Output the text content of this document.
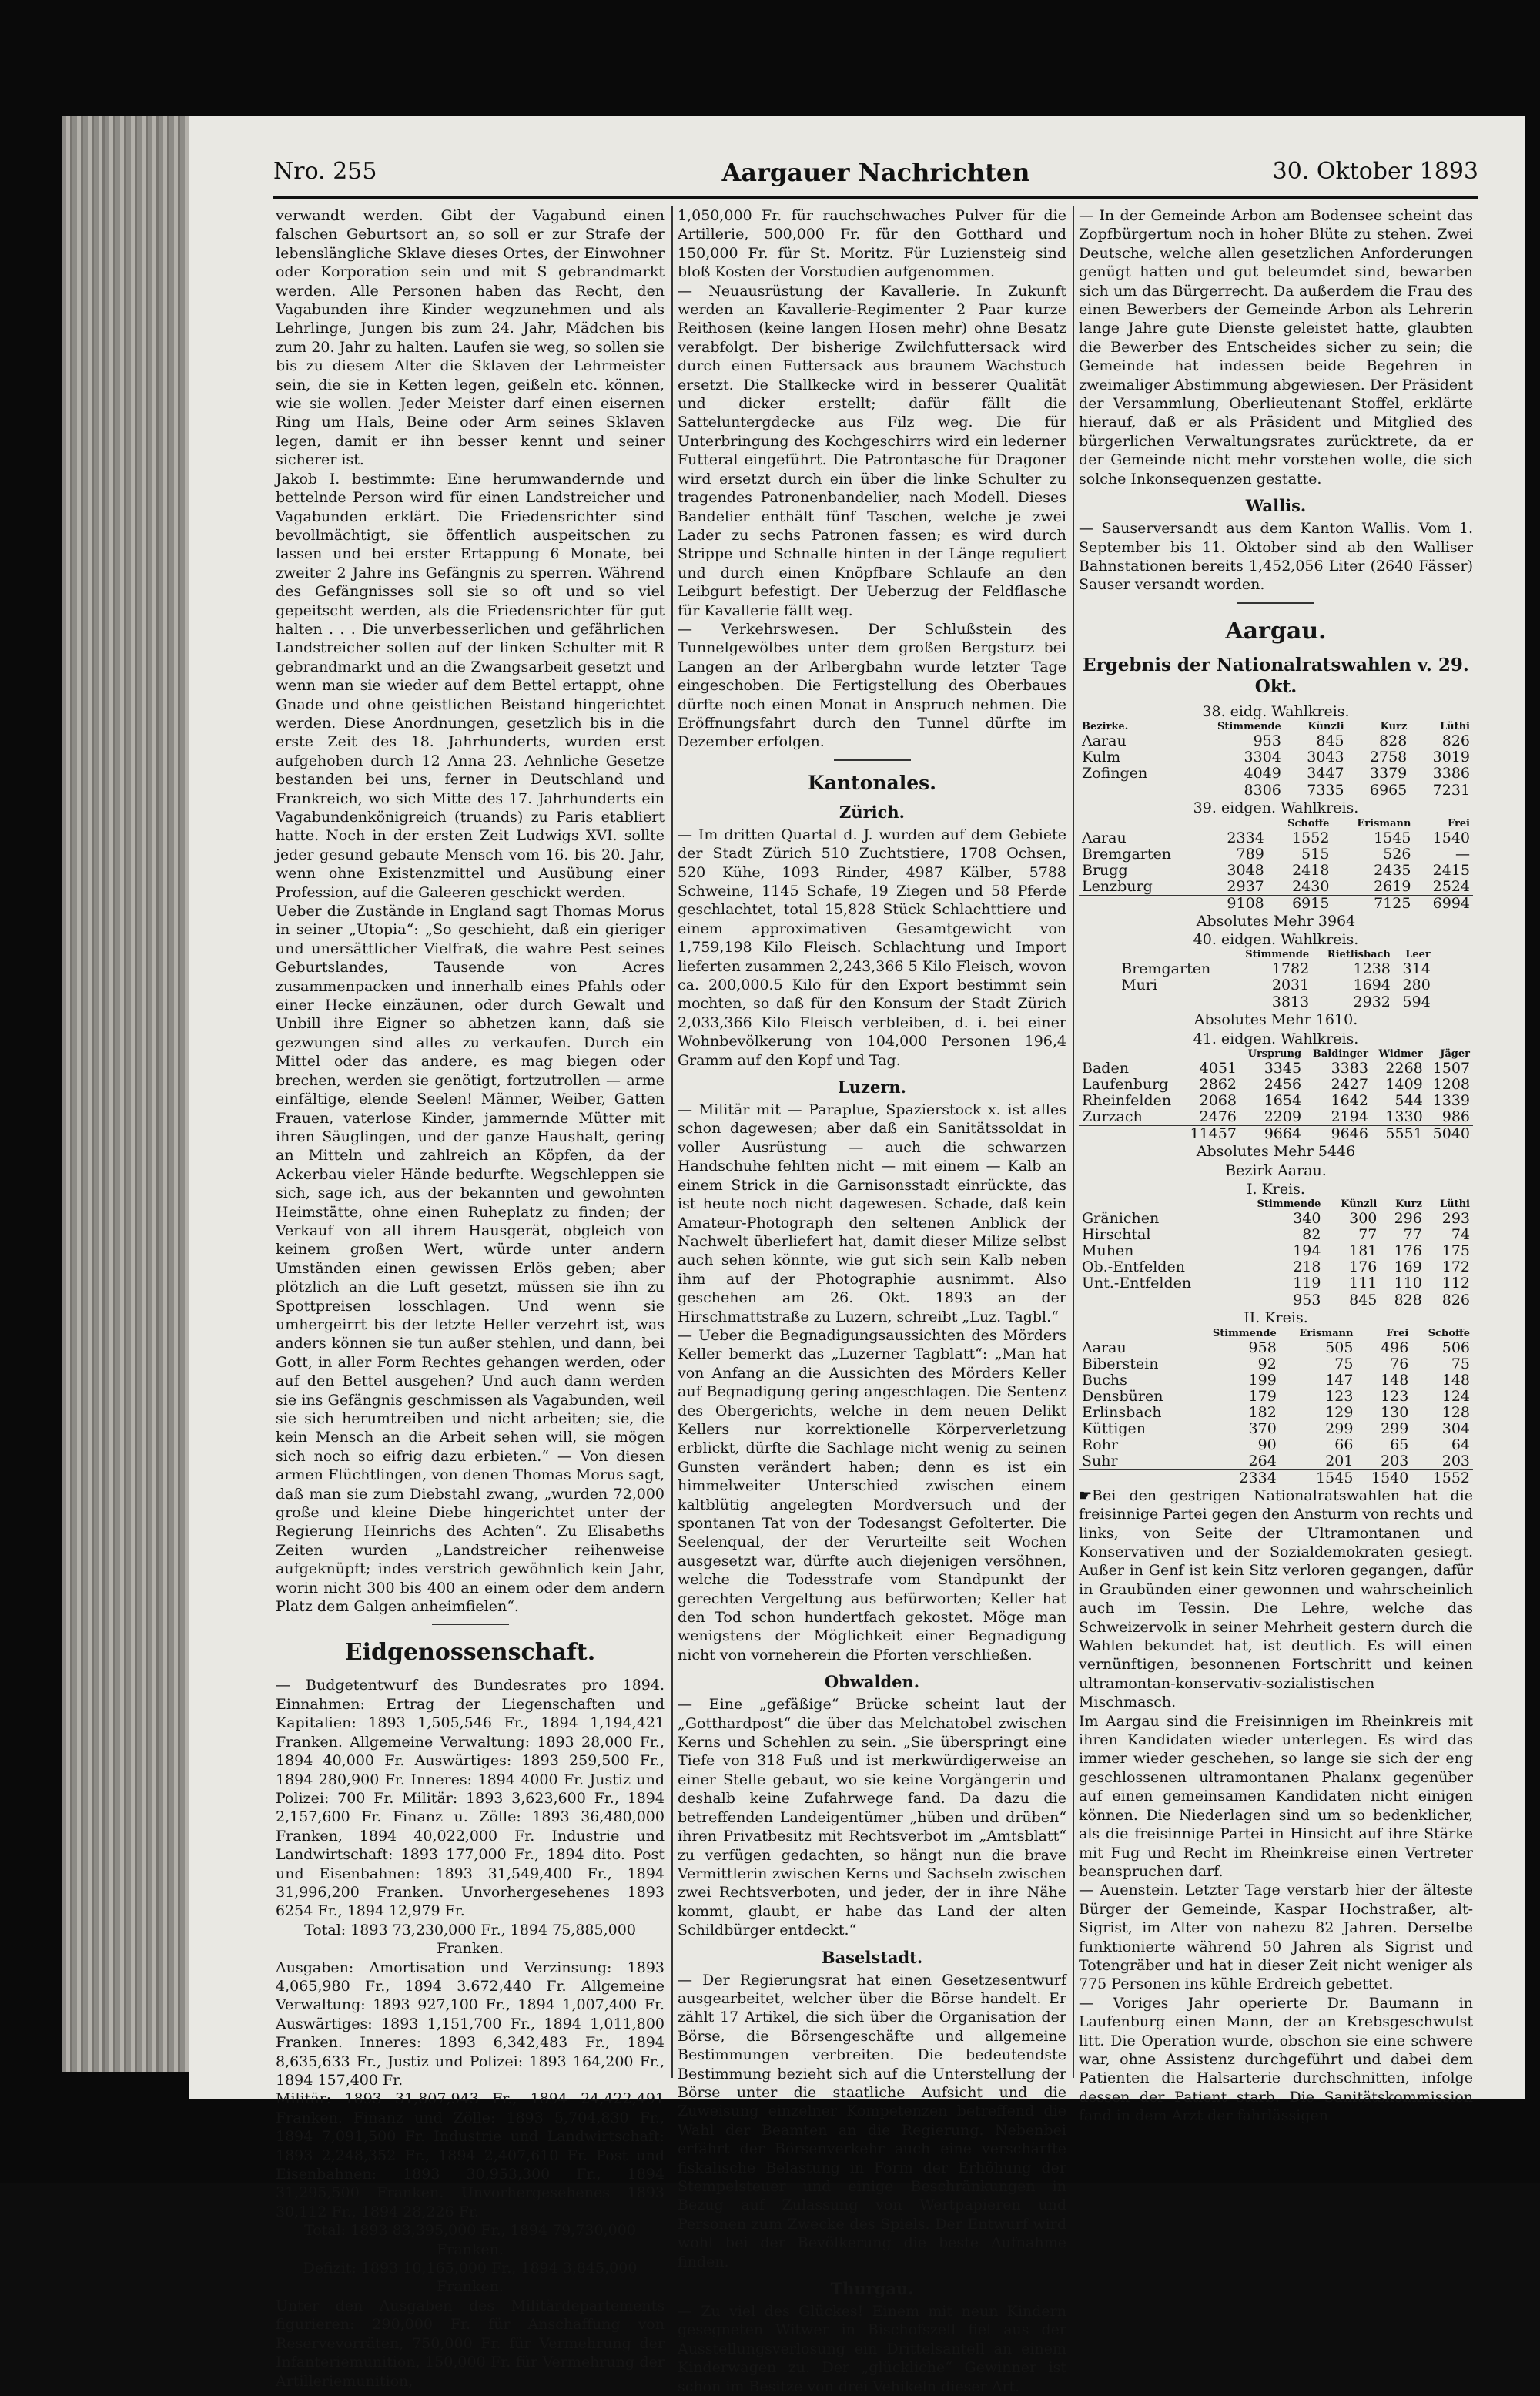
Nro. 255	Aargauer Nachrichten	30. Oktober 1893

verwandt werden. Gibt der Vagabund einen falschen Geburtsort an, so soll er zur Strafe der lebenslängliche Sklave dieses Ortes, der Einwohner oder Korporation sein und mit S gebrandmarkt werden. Alle Personen haben das Recht, den Vagabunden ihre Kinder wegzunehmen und als Lehrlinge, Jungen bis zum 24. Jahr, Mädchen bis zum 20. Jahr zu halten. Laufen sie weg, so sollen sie bis zu diesem Alter die Sklaven der Lehrmeister sein, die sie in Ketten legen, geißeln etc. können, wie sie wollen. Jeder Meister darf einen eisernen Ring um Hals, Beine oder Arm seines Sklaven legen, damit er ihn besser kennt und seiner sicherer ist.

Jakob I. bestimmte: Eine herumwandernde und bettelnde Person wird für einen Landstreicher und Vagabunden erklärt. Die Friedensrichter sind bevollmächtigt, sie öffentlich auspeitschen zu lassen und bei erster Ertappung 6 Monate, bei zweiter 2 Jahre ins Gefängnis zu sperren. Während des Gefängnisses soll sie so oft und so viel gepeitscht werden, als die Friedensrichter für gut halten . . . Die unverbesserlichen und gefährlichen Landstreicher sollen auf der linken Schulter mit R gebrandmarkt und an die Zwangsarbeit gesetzt und wenn man sie wieder auf dem Bettel ertappt, ohne Gnade und ohne geistlichen Beistand hingerichtet werden. Diese Anordnungen, gesetzlich bis in die erste Zeit des 18. Jahrhunderts, wurden erst aufgehoben durch 12 Anna 23. Aehnliche Gesetze bestanden bei uns, ferner in Deutschland und Frankreich, wo sich Mitte des 17. Jahrhunderts ein Vagabundenkönigreich (truands) zu Paris etabliert hatte. Noch in der ersten Zeit Ludwigs XVI. sollte jeder gesund gebaute Mensch vom 16. bis 20. Jahr, wenn ohne Existenzmittel und Ausübung einer Profession, auf die Galeeren geschickt werden.

Ueber die Zustände in England sagt Thomas Morus in seiner „Utopia“: „So geschieht, daß ein gieriger und unersättlicher Vielfraß, die wahre Pest seines Geburtslandes, Tausende von Acres zusammenpacken und innerhalb eines Pfahls oder einer Hecke einzäunen, oder durch Gewalt und Unbill ihre Eigner so abhetzen kann, daß sie gezwungen sind alles zu verkaufen. Durch ein Mittel oder das andere, es mag biegen oder brechen, werden sie genötigt, fortzutrollen — arme einfältige, elende Seelen! Männer, Weiber, Gatten Frauen, vaterlose Kinder, jammernde Mütter mit ihren Säuglingen, und der ganze Haushalt, gering an Mitteln und zahlreich an Köpfen, da der Ackerbau vieler Hände bedurfte. Wegschleppen sie sich, sage ich, aus der bekannten und gewohnten Heimstätte, ohne einen Ruheplatz zu finden; der Verkauf von all ihrem Hausgerät, obgleich von keinem großen Wert, würde unter andern Umständen einen gewissen Erlös geben; aber plötzlich an die Luft gesetzt, müssen sie ihn zu Spottpreisen losschlagen. Und wenn sie umhergeirrt bis der letzte Heller verzehrt ist, was anders können sie tun außer stehlen, und dann, bei Gott, in aller Form Rechtes gehangen werden, oder auf den Bettel ausgehen? Und auch dann werden sie ins Gefängnis geschmissen als Vagabunden, weil sie sich herumtreiben und nicht arbeiten; sie, die kein Mensch an die Arbeit sehen will, sie mögen sich noch so eifrig dazu erbieten.“ — Von diesen armen Flüchtlingen, von denen Thomas Morus sagt, daß man sie zum Diebstahl zwang, „wurden 72,000 große und kleine Diebe hingerichtet unter der Regierung Heinrichs des Achten“. Zu Elisabeths Zeiten wurden „Landstreicher reihenweise aufgeknüpft; indes verstrich gewöhnlich kein Jahr, worin nicht 300 bis 400 an einem oder dem andern Platz dem Galgen anheimfielen“.

Eidgenossenschaft.

— Budgetentwurf des Bundesrates pro 1894. Einnahmen: Ertrag der Liegenschaften und Kapitalien: 1893 1,505,546 Fr., 1894 1,194,421 Franken. Allgemeine Verwaltung: 1893 28,000 Fr., 1894 40,000 Fr. Auswärtiges: 1893 259,500 Fr., 1894 280,900 Fr. Inneres: 1894 4000 Fr. Justiz und Polizei: 700 Fr. Militär: 1893 3,623,600 Fr., 1894 2,157,600 Fr. Finanz u. Zölle: 1893 36,480,000 Franken, 1894 40,022,000 Fr. Industrie und Landwirtschaft: 1893 177,000 Fr., 1894 dito. Post und Eisenbahnen: 1893 31,549,400 Fr., 1894 31,996,200 Franken. Unvorhergesehenes 1893 6254 Fr., 1894 12,979 Fr.

Total: 1893 73,230,000 Fr., 1894 75,885,000 Franken.

Ausgaben: Amortisation und Verzinsung: 1893 4,065,980 Fr., 1894 3.672,440 Fr. Allgemeine Verwaltung: 1893 927,100 Fr., 1894 1,007,400 Fr. Auswärtiges: 1893 1,151,700 Fr., 1894 1,011,800 Franken. Inneres: 1893 6,342,483 Fr., 1894 8,635,633 Fr., Justiz und Polizei: 1893 164,200 Fr., 1894 157,400 Fr.

Militär: 1893 31,807,943 Fr., 1894 24,422,491 Franken. Finanz und Zölle: 1893 5,704,830 Fr., 1894 7,091,500 Fr. Industrie und Landwirtschaft: 1893 2,248,352 Fr., 1894 2,407,610 Fr. Post und Eisenbahnen: 1893 30,953,300 Fr., 1894 31,295,500 Franken. Unvorhergesehenes 1893 30,112 Fr., 1894 28,226 Fr.

Total: 1893 83,395,000 Fr., 1894 79,730,000 Franken.

Defizit: 1893 10,165,000 Fr., 1894 3,845,000 Franken.

Unter den Ausgaben des Militärdepartements figurieren: 290,000 Fr. für Anschaffung von Reservevorräten, 750,000 Fr. für Vermehrung der Infanteriemunition, 150,000 Fr. für Vermehrung der Artilleriemunition,

1,050,000 Fr. für rauchschwaches Pulver für die Artillerie, 500,000 Fr. für den Gotthard und 150,000 Fr. für St. Moritz. Für Luziensteig sind bloß Kosten der Vorstudien aufgenommen.

— Neuausrüstung der Kavallerie. In Zukunft werden an Kavallerie-Regimenter 2 Paar kurze Reithosen (keine langen Hosen mehr) ohne Besatz verabfolgt. Der bisherige Zwilchfuttersack wird durch einen Futtersack aus braunem Wachstuch ersetzt. Die Stallkecke wird in besserer Qualität und dicker erstellt; dafür fällt die Satteluntergdecke aus Filz weg. Die für Unterbringung des Kochgeschirrs wird ein lederner Futteral eingeführt. Die Patrontasche für Dragoner wird ersetzt durch ein über die linke Schulter zu tragendes Patronenbandelier, nach Modell. Dieses Bandelier enthält fünf Taschen, welche je zwei Lader zu sechs Patronen fassen; es wird durch Strippe und Schnalle hinten in der Länge reguliert und durch einen Knöpfbare Schlaufe an den Leibgurt befestigt. Der Ueberzug der Feldflasche für Kavallerie fällt weg.

— Verkehrswesen. Der Schlußstein des Tunnelgewölbes unter dem großen Bergsturz bei Langen an der Arlbergbahn wurde letzter Tage eingeschoben. Die Fertigstellung des Oberbaues dürfte noch einen Monat in Anspruch nehmen. Die Eröffnungsfahrt durch den Tunnel dürfte im Dezember erfolgen.

Kantonales.
Zürich.

— Im dritten Quartal d. J. wurden auf dem Gebiete der Stadt Zürich 510 Zuchtstiere, 1708 Ochsen, 520 Kühe, 1093 Rinder, 4987 Kälber, 5788 Schweine, 1145 Schafe, 19 Ziegen und 58 Pferde geschlachtet, total 15,828 Stück Schlachttiere und einem approximativen Gesamtgewicht von 1,759,198 Kilo Fleisch. Schlachtung und Import lieferten zusammen 2,243,366 5 Kilo Fleisch, wovon ca. 200,000.5 Kilo für den Export bestimmt sein mochten, so daß für den Konsum der Stadt Zürich 2,033,366 Kilo Fleisch verbleiben, d. i. bei einer Wohnbevölkerung von 104,000 Personen 196,4 Gramm auf den Kopf und Tag.

Luzern.

— Militär mit — Paraplue, Spazierstock x. ist alles schon dagewesen; aber daß ein Sanitätssoldat in voller Ausrüstung — auch die schwarzen Handschuhe fehlten nicht — mit einem — Kalb an einem Strick in die Garnisonsstadt einrückte, das ist heute noch nicht dagewesen. Schade, daß kein Amateur-Photograph den seltenen Anblick der Nachwelt überliefert hat, damit dieser Milize selbst auch sehen könnte, wie gut sich sein Kalb neben ihm auf der Photographie ausnimmt. Also geschehen am 26. Okt. 1893 an der Hirschmattstraße zu Luzern, schreibt „Luz. Tagbl.“

— Ueber die Begnadigungsaussichten des Mörders Keller bemerkt das „Luzerner Tagblatt“: „Man hat von Anfang an die Aussichten des Mörders Keller auf Begnadigung gering angeschlagen. Die Sentenz des Obergerichts, welche in dem neuen Delikt Kellers nur korrektionelle Körperverletzung erblickt, dürfte die Sachlage nicht wenig zu seinen Gunsten verändert haben; denn es ist ein himmelweiter Unterschied zwischen einem kaltblütig angelegten Mordversuch und der spontanen Tat von der Todesangst Gefolterter. Die Seelenqual, der der Verurteilte seit Wochen ausgesetzt war, dürfte auch diejenigen versöhnen, welche die Todesstrafe vom Standpunkt der gerechten Vergeltung aus befürworten; Keller hat den Tod schon hundertfach gekostet. Möge man wenigstens der Möglichkeit einer Begnadigung nicht von vorneherein die Pforten verschließen.

Obwalden.

— Eine „gefäßige“ Brücke scheint laut der „Gotthardpost“ die über das Melchatobel zwischen Kerns und Schehlen zu sein. „Sie überspringt eine Tiefe von 318 Fuß und ist merkwürdigerweise an einer Stelle gebaut, wo sie keine Vorgängerin und deshalb keine Zufahrwege fand. Da dazu die betreffenden Landeigentümer „hüben und drüben“ ihren Privatbesitz mit Rechtsverbot im „Amtsblatt“ zu verfügen gedachten, so hängt nun die brave Vermittlerin zwischen Kerns und Sachseln zwischen zwei Rechtsverboten, und jeder, der in ihre Nähe kommt, glaubt, er habe das Land der alten Schildbürger entdeckt.“

Baselstadt.

— Der Regierungsrat hat einen Gesetzesentwurf ausgearbeitet, welcher über die Börse handelt. Er zählt 17 Artikel, die sich über die Organisation der Börse, die Börsengeschäfte und allgemeine Bestimmungen verbreiten. Die bedeutendste Bestimmung bezieht sich auf die Unterstellung der Börse unter die staatliche Aufsicht und die Zuweisung einzelner Kompetenzen betreffend die Wahl der Beamten an die Regierung. Nebenbei erfährt der Börsenverkehr auch eine verschärfte fiskalische Belastung in Form der Erhöhung der Stempelsteuer und einige Beschränkungen in Bezug auf Zulassung von Wertpapieren und Personen zum Zwecke des Spiels. Der Entwurf wird wohl bei der Bevölkerung die beste Aufnahme finden.

Thurgau.

— Zu viel des Glückes! Einem mit neun Kindern gesegneten Witwer in Bischofszell fiel aus der Ausstellungsverlosung ein Drittelsantell an einem Kinderwagen zu. Der „glückliche“ Gewinner ist schon im Besitze von drei Vehikeln dieser Art.

— In der Gemeinde Arbon am Bodensee scheint das Zopfbürgertum noch in hoher Blüte zu stehen. Zwei Deutsche, welche allen gesetzlichen Anforderungen genügt hatten und gut beleumdet sind, bewarben sich um das Bürgerrecht. Da außerdem die Frau des einen Bewerbers der Gemeinde Arbon als Lehrerin lange Jahre gute Dienste geleistet hatte, glaubten die Bewerber des Entscheides sicher zu sein; die Gemeinde hat indessen beide Begehren in zweimaliger Abstimmung abgewiesen. Der Präsident der Versammlung, Oberlieutenant Stoffel, erklärte hierauf, daß er als Präsident und Mitglied des bürgerlichen Verwaltungsrates zurücktrete, da er der Gemeinde nicht mehr vorstehen wolle, die sich solche Inkonsequenzen gestatte.

Wallis.

— Sauserversandt aus dem Kanton Wallis. Vom 1. September bis 11. Oktober sind ab den Walliser Bahnstationen bereits 1,452,056 Liter (2640 Fässer) Sauser versandt worden.

Aargau.
Ergebnis der Nationalratswahlen v. 29. Okt.

38. eidg. Wahlkreis.

Bezirke.	Stimmende	Künzli	Kurz	Lüthi
Aarau	953	845	828	826
Kulm	3304	3043	2758	3019
Zofingen	4049	3447	3379	3386
	8306	7335	6965	7231

39. eidgen. Wahlkreis.

		Schoffe	Erismann	Frei
Aarau	2334	1552	1545	1540
Bremgarten	789	515	526	—
Brugg	3048	2418	2435	2415
Lenzburg	2937	2430	2619	2524
	9108	6915	7125	6994

Absolutes Mehr 3964

40. eidgen. Wahlkreis.

	Stimmende	Rietlisbach	Leer
Bremgarten	1782	1238	314
Muri	2031	1694	280
	3813	2932	594

Absolutes Mehr 1610.

41. eidgen. Wahlkreis.

		Ursprung	Baldinger	Widmer	Jäger
Baden	4051	3345	3383	2268	1507
Laufenburg	2862	2456	2427	1409	1208
Rheinfelden	2068	1654	1642	544	1339
Zurzach	2476	2209	2194	1330	986
	11457	9664	9646	5551	5040

Absolutes Mehr 5446

Bezirk Aarau.

I. Kreis.

	Stimmende	Künzli	Kurz	Lüthi
Gränichen	340	300	296	293
Hirschtal	82	77	77	74
Muhen	194	181	176	175
Ob.-Entfelden	218	176	169	172
Unt.-Entfelden	119	111	110	112
	953	845	828	826

II. Kreis.

	Stimmende	Erismann	Frei	Schoffe
Aarau	958	505	496	506
Biberstein	92	75	76	75
Buchs	199	147	148	148
Densbüren	179	123	123	124
Erlinsbach	182	129	130	128
Küttigen	370	299	299	304
Rohr	90	66	65	64
Suhr	264	201	203	203
	2334	1545	1540	1552

☛Bei den gestrigen Nationalratswahlen hat die freisinnige Partei gegen den Ansturm von rechts und links, von Seite der Ultramontanen und Konservativen und der Sozialdemokraten gesiegt. Außer in Genf ist kein Sitz verloren gegangen, dafür in Graubünden einer gewonnen und wahrscheinlich auch im Tessin. Die Lehre, welche das Schweizervolk in seiner Mehrheit gestern durch die Wahlen bekundet hat, ist deutlich. Es will einen vernünftigen, besonnenen Fortschritt und keinen ultramontan-konservativ-sozialistischen Mischmasch.

Im Aargau sind die Freisinnigen im Rheinkreis mit ihren Kandidaten wieder unterlegen. Es wird das immer wieder geschehen, so lange sie sich der eng geschlossenen ultramontanen Phalanx gegenüber auf einen gemeinsamen Kandidaten nicht einigen können. Die Niederlagen sind um so bedenklicher, als die freisinnige Partei in Hinsicht auf ihre Stärke mit Fug und Recht im Rheinkreise einen Vertreter beanspruchen darf.

— Auenstein. Letzter Tage verstarb hier der älteste Bürger der Gemeinde, Kaspar Hochstraßer, alt-Sigrist, im Alter von nahezu 82 Jahren. Derselbe funktionierte während 50 Jahren als Sigrist und Totengräber und hat in dieser Zeit nicht weniger als 775 Personen ins kühle Erdreich gebettet.

— Voriges Jahr operierte Dr. Baumann in Laufenburg einen Mann, der an Krebsgeschwulst litt. Die Operation wurde, obschon sie eine schwere war, ohne Assistenz durchgeführt und dabei dem Patienten die Halsarterie durchschnitten, infolge dessen der Patient starb. Die Sanitätskommission fand in dem Arzt der fahrlässigen
